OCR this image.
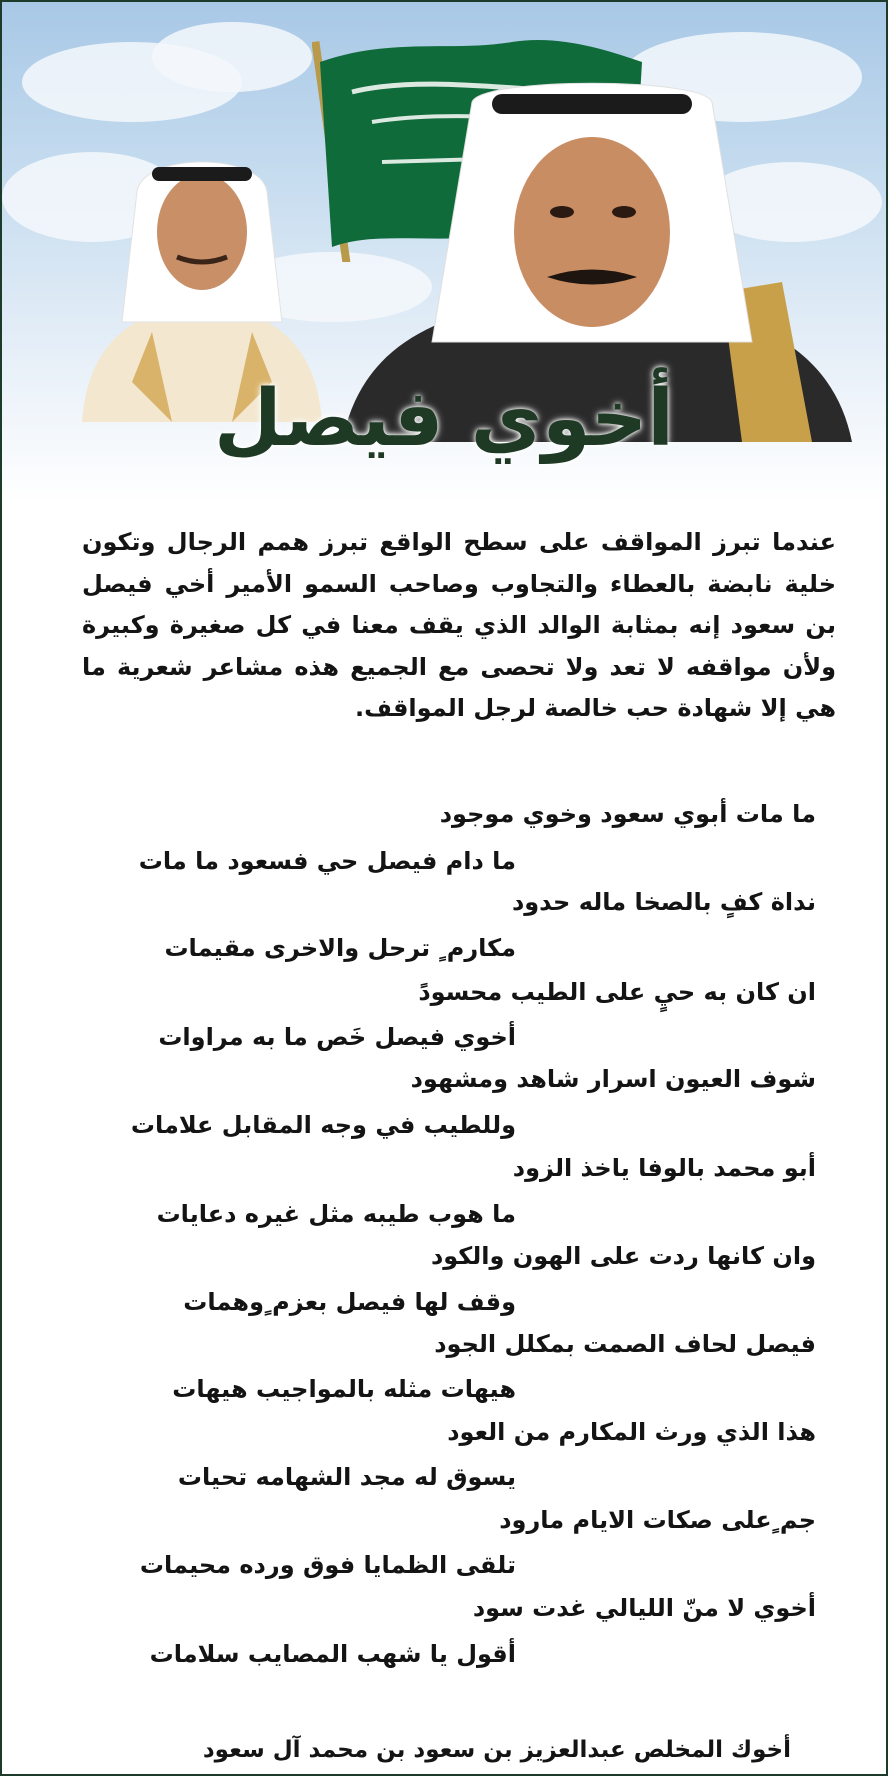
أخوي فيصل
عندما تبرز المواقف على سطح الواقع تبرز همم الرجال وتكون خلية نابضة بالعطاء والتجاوب وصاحب السمو الأمير أخي فيصل بن سعود إنه بمثابة الوالد الذي يقف معنا في كل صغيرة وكبيرة ولأن مواقفه لا تعد ولا تحصى مع الجميع هذه مشاعر شعرية ما هي إلا شهادة حب خالصة لرجل المواقف.
ما مات أبوي سعود وخوي موجود
ما دام فيصل حي فسعود ما مات
نداة كفٍ بالصخا ماله حدود
مكارم ٍ ترحل والاخرى مقيمات
ان كان به حيٍ على الطيب محسودً
أخوي فيصل خَص ما به مراوات
شوف العيون اسرار شاهد ومشهود
وللطيب في وجه المقابل علامات
أبو محمد بالوفا ياخذ الزود
ما هوب طيبه مثل غيره دعايات
وان كانها ردت على الهون والكود
وقف لها فيصل بعزم ٍوهمات
فيصل لحاف الصمت بمكلل الجود
هيهات مثله بالمواجيب هيهات
هذا الذي ورث المكارم من العود
يسوق له مجد الشهامه تحيات
جم ٍعلى صكات الايام مارود
تلقى الظمايا فوق ورده محيمات
أخوي لا منّ الليالي غدت سود
أقول يا شهب المصايب سلامات
أخوك المخلص عبدالعزيز بن سعود بن محمد آل سعود
